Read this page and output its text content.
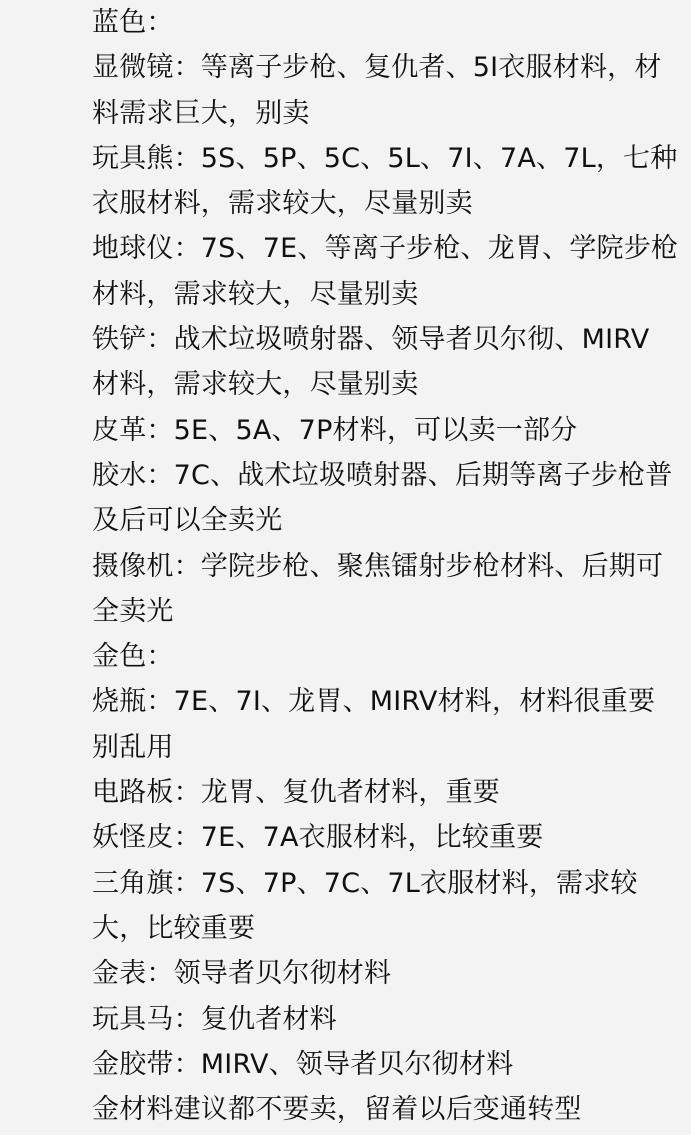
蓝色：
显微镜：等离子步枪、复仇者、5I衣服材料，材
料需求巨大，别卖
玩具熊：5S、5P、5C、5L、7I、7A、7L，七种
衣服材料，需求较大，尽量别卖
地球仪：7S、7E、等离子步枪、龙胃、学院步枪
材料，需求较大，尽量别卖
铁铲：战术垃圾喷射器、领导者贝尔彻、MIRV
材料，需求较大，尽量别卖
皮革：5E、5A、7P材料，可以卖一部分
胶水：7C、战术垃圾喷射器、后期等离子步枪普
及后可以全卖光
摄像机：学院步枪、聚焦镭射步枪材料、后期可
全卖光
金色：
烧瓶：7E、7I、龙胃、MIRV材料，材料很重要
别乱用
电路板：龙胃、复仇者材料，重要
妖怪皮：7E、7A衣服材料，比较重要
三角旗：7S、7P、7C、7L衣服材料，需求较
大，比较重要
金表：领导者贝尔彻材料
玩具马：复仇者材料
金胶带：MIRV、领导者贝尔彻材料
金材料建议都不要卖，留着以后变通转型
